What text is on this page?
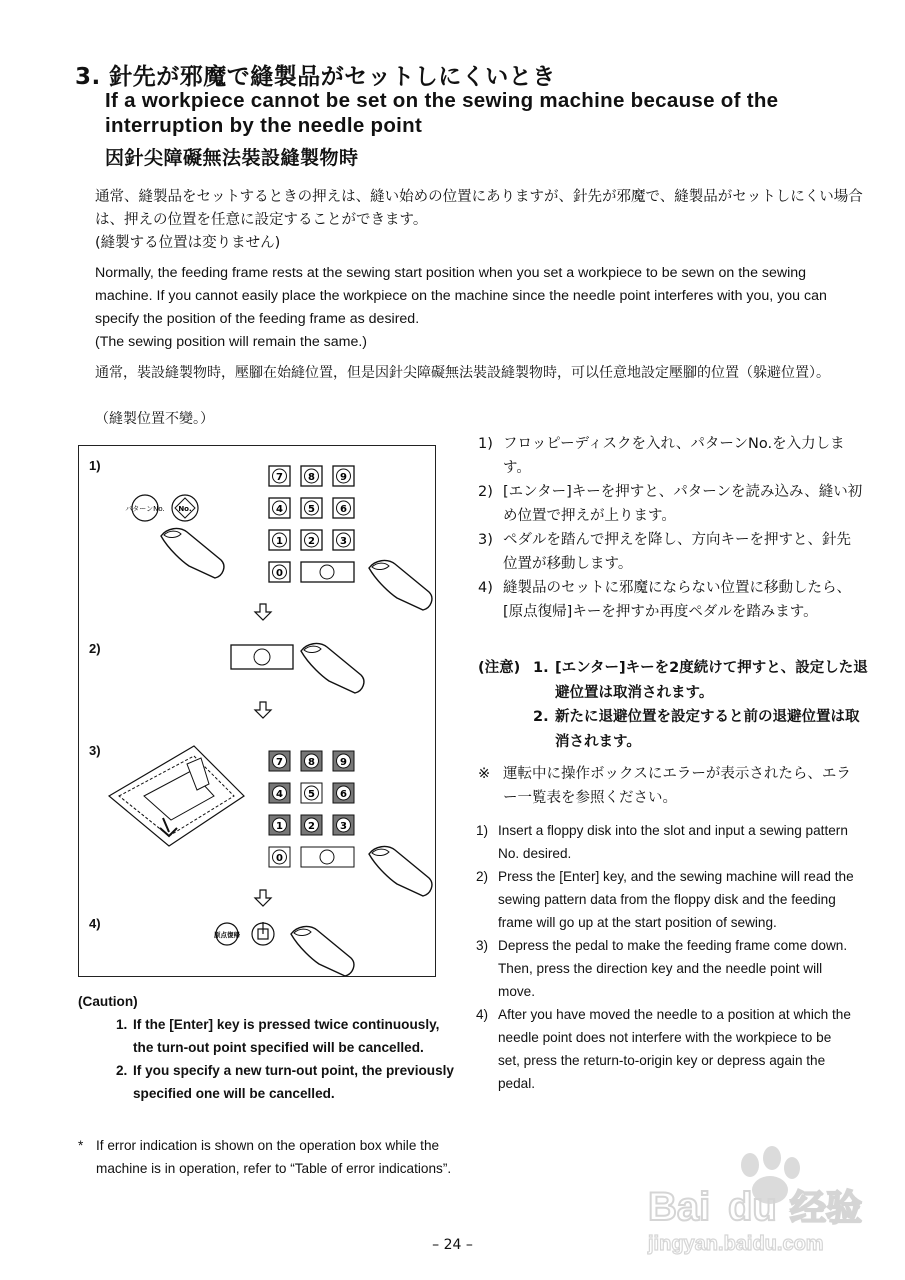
3. 針先が邪魔で縫製品がセットしにくいとき
If a workpiece cannot be set on the sewing machine because of the interruption by the needle point
因針尖障礙無法裝設縫製物時
通常、縫製品をセットするときの押えは、縫い始めの位置にありますが、針先が邪魔で、縫製品がセットしにくい場合は、押えの位置を任意に設定することができます。
(縫製する位置は変りません)
Normally, the feeding frame rests at the sewing start position when you set a workpiece to be sewn on the sewing machine. If you cannot easily place the workpiece on the machine since the needle point interferes with you, you can specify the position of the feeding frame as desired.
(The sewing position will remain the same.)
通常，裝設縫製物時，壓腳在始縫位置，但是因針尖障礙無法裝設縫製物時，可以任意地設定壓腳的位置（躲避位置）。
（縫製位置不變。）
1)
2)
3)
4)
7	8	9
4	5	6
1	2	3
0
パターンNo. No.
7	8	9
4	5	6
1	2	3
0
原点復帰
1) フロッピーディスクを入れ、パターンNo.を入力します。
2) [エンター]キーを押すと、パターンを読み込み、縫い初め位置で押えが上ります。
3) ペダルを踏んで押えを降し、方向キーを押すと、針先位置が移動します。
4) 縫製品のセットに邪魔にならない位置に移動したら、[原点復帰]キーを押すか再度ペダルを踏みます。
(注意) 1. [エンター]キーを2度続けて押すと、設定した退避位置は取消されます。
2. 新たに退避位置を設定すると前の退避位置は取消されます。
※ 運転中に操作ボックスにエラーが表示されたら、エラー一覧表を参照ください。
1) Insert a floppy disk into the slot and input a sewing pattern No. desired.
2) Press the [Enter] key, and the sewing machine will read the sewing pattern data from the floppy disk and the feeding frame will go up at the start position of sewing.
3) Depress the pedal to make the feeding frame come down. Then, press the direction key and the needle point will move.
4) After you have moved the needle to a position at which the needle point does not interfere with the workpiece to be set, press the return-to-origin key or depress again the pedal.
(Caution)
1. If the [Enter] key is pressed twice continuously, the turn-out point specified will be cancelled.
2. If you specify a new turn-out point, the previously specified one will be cancelled.
* If error indication is shown on the operation box while the machine is in operation, refer to “Table of error indications”.
– 24 –
Bai du 经验
jingyan.baidu.com
